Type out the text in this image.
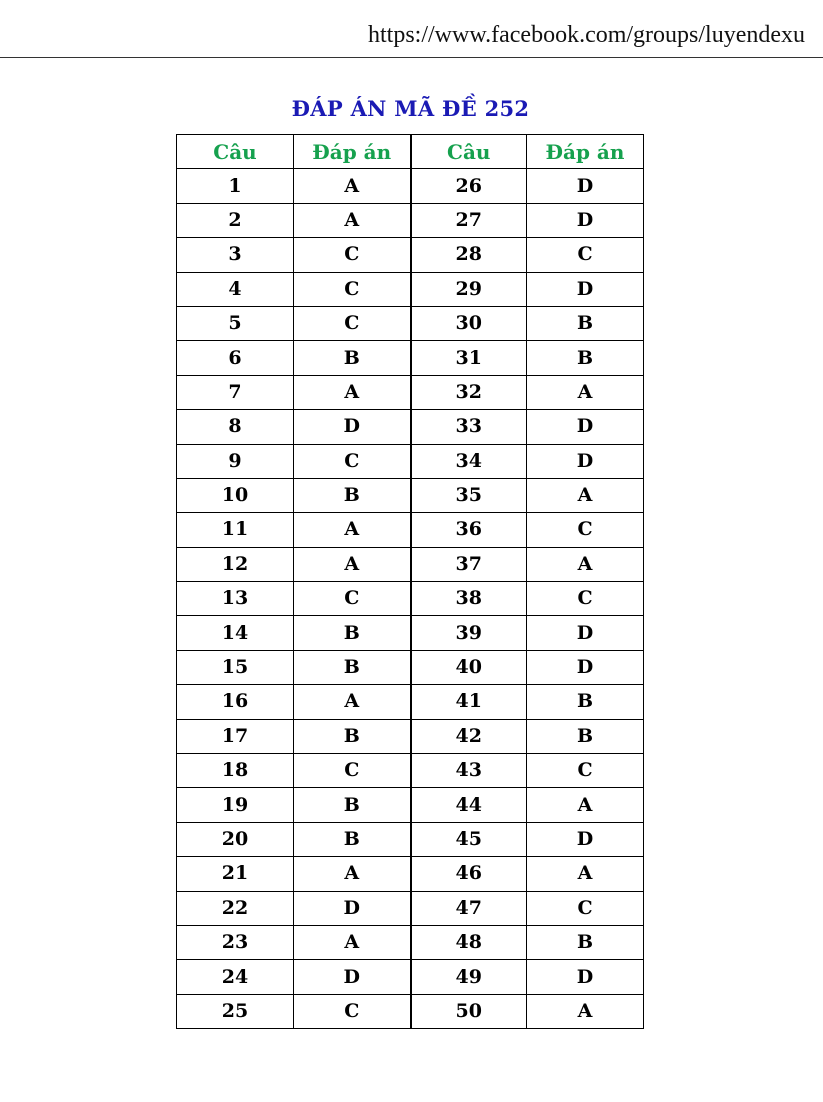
https://www.facebook.com/groups/luyendexu
ĐÁP ÁN MÃ ĐỀ 252
Câu	Đáp án	Câu	Đáp án
1	A	26	D
2	A	27	D
3	C	28	C
4	C	29	D
5	C	30	B
6	B	31	B
7	A	32	A
8	D	33	D
9	C	34	D
10	B	35	A
11	A	36	C
12	A	37	A
13	C	38	C
14	B	39	D
15	B	40	D
16	A	41	B
17	B	42	B
18	C	43	C
19	B	44	A
20	B	45	D
21	A	46	A
22	D	47	C
23	A	48	B
24	D	49	D
25	C	50	A
